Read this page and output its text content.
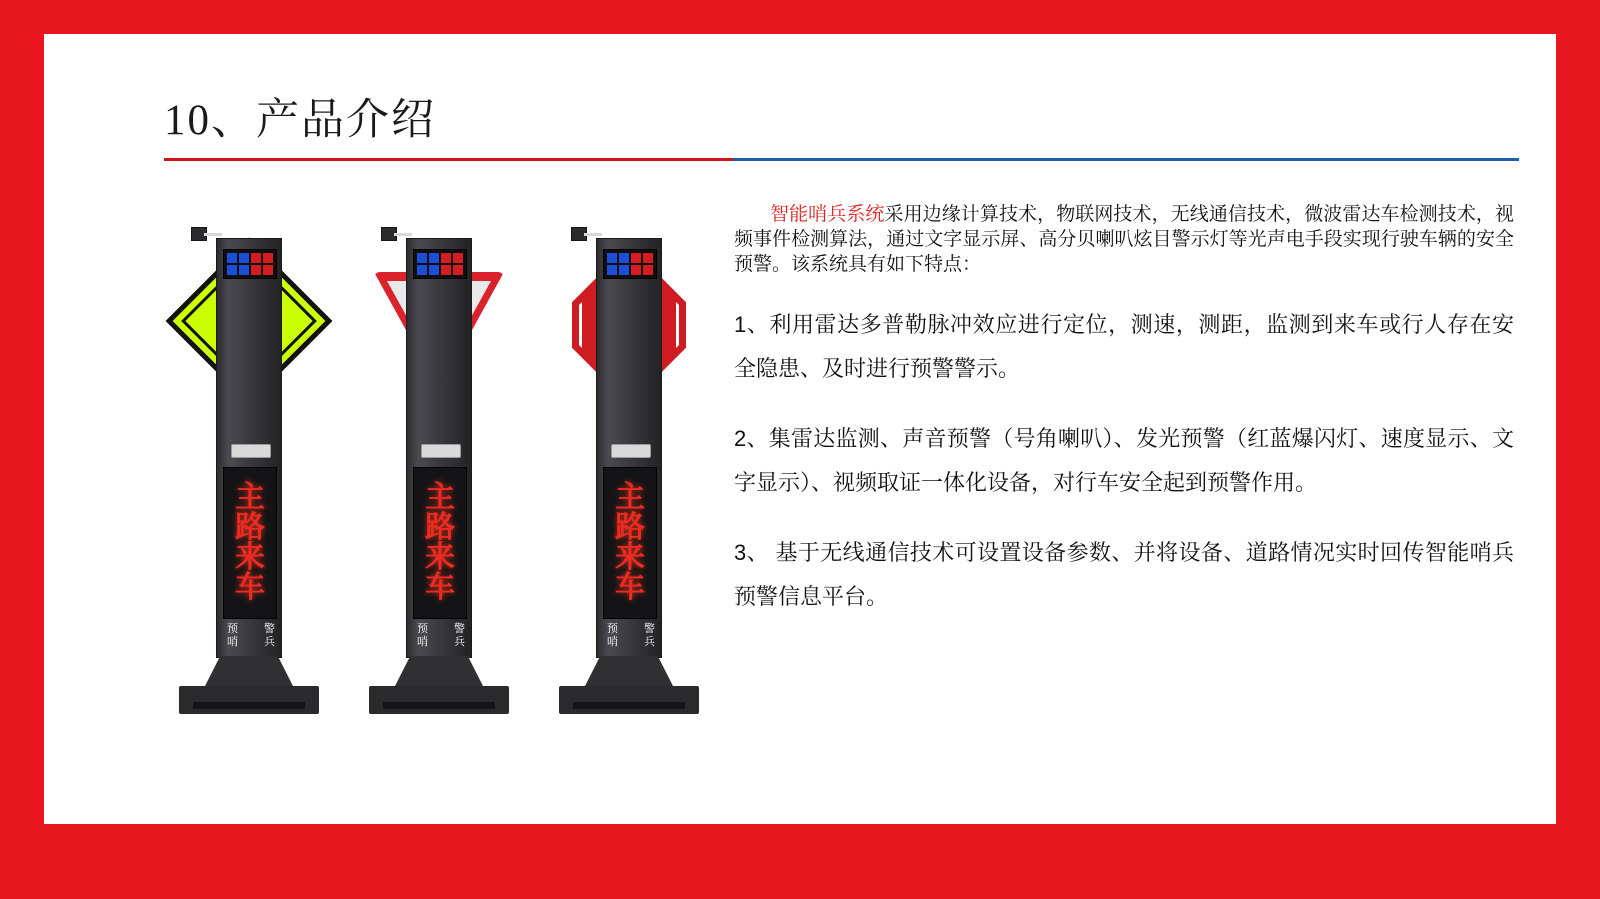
10、产品介绍
主
路
来
车
预
哨
警
兵
主
路
来
车
预
哨
警
兵
主
路
来
车
预
哨
警
兵
智能哨兵系统采用边缘计算技术，物联网技术，无线通信技术，微波雷达车检测技术，视频事件检测算法，通过文字显示屏、高分贝喇叭炫目警示灯等光声电手段实现行驶车辆的安全预警。该系统具有如下特点：
1、利用雷达多普勒脉冲效应进行定位，测速，测距，监测到来车或行人存在安全隐患、及时进行预警警示。
2、集雷达监测、声音预警（号角喇叭）、发光预警（红蓝爆闪灯、速度显示、文字显示）、视频取证一体化设备，对行车安全起到预警作用。
3、 基于无线通信技术可设置设备参数、并将设备、道路情况实时回传智能哨兵预警信息平台。
